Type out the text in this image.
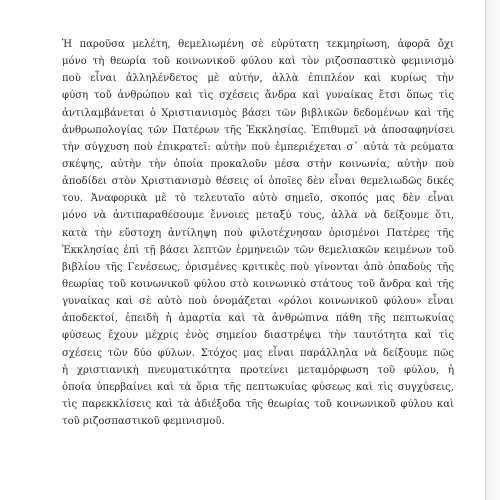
Ἡ παροῦσα μελέτη, θεμελιωμένη σὲ εὐρύτατη τεκμηρίωση, ἀφορᾶ ὄχι
μόνο τὴ θεωρία τοῦ κοινωνικοῦ φύλου καὶ τὸν ριζοσπαστικὸ φεμινισμὸ
ποὺ εἶναι ἀλληλένδετος μὲ αὐτήν, ἀλλὰ ἐπιπλέον καὶ κυρίως τὴν
φύση τοῦ ἀνθρώπου καὶ τὶς σχέσεις ἄνδρα καὶ γυναίκας ἔτσι ὅπως τὶς
ἀντιλαμβάνεται ὁ Χριστιανισμὸς βάσει τῶν βιβλικῶν δεδομένων καὶ τῆς
ἀνθρωπολογίας τῶν Πατέρων τῆς Ἐκκλησίας. Ἐπιθυμεῖ νὰ ἀποσαφηνίσει
τὴν σύγχυση ποὺ ἐπικρατεῖ: αὐτὴν ποὺ ἐμπεριέχεται σ᾽ αὐτὰ τὰ ρεύματα
σκέψης, αὐτὴν τὴν ὁποία προκαλοῦν μέσα στὴν κοινωνία, αὐτὴν ποὺ
ἀποδίδει στὸν Χριστιανισμὸ θέσεις οἱ ὁποῖες δὲν εἶναι θεμελιωδῶς δικές
του. Ἀναφορικὰ μὲ τὸ τελευταῖο αὐτὸ σημεῖο, σκοπός μας δὲν εἶναι
μόνο νὰ ἀντιπαραθέσουμε ἔννοιες μεταξύ τους, ἀλλὰ νὰ δείξουμε ὅτι,
κατὰ τὴν εὔστοχη ἀντίληψη ποὺ φιλοτέχνησαν ὁρισμένοι Πατέρες τῆς
Ἐκκλησίας ἐπὶ τῇ βάσει λεπτῶν ἑρμηνειῶν τῶν θεμελιακῶν κειμένων τοῦ
βιβλίου τῆς Γενέσεως, ὁρισμένες κριτικὲς ποὺ γίνονται ἀπὸ ὀπαδοὺς τῆς
θεωρίας τοῦ κοινωνικοῦ φύλου στὸ κοινωνικὸ στάτους τοῦ ἄνδρα καὶ τῆς
γυναίκας καὶ σὲ αὐτὸ ποὺ ὀνομάζεται «ρόλοι κοινωνικοῦ φύλου» εἶναι
ἀποδεκτοί, ἐπειδὴ ἡ ἁμαρτία καὶ τὰ ἀνθρώπινα πάθη τῆς πεπτωκυίας
φύσεως ἔχουν μέχρις ἑνὸς σημείου διαστρέψει τὴν ταυτότητα καὶ τὶς
σχέσεις τῶν δύο φύλων. Στόχος μας εἶναι παράλληλα νὰ δείξουμε πῶς
ἡ χριστιανικὴ πνευματικότητα προτείνει μεταμόρφωση τοῦ φύλου, ἡ
ὁποία ὑπερβαίνει καὶ τὰ ὅρια τῆς πεπτωκυίας φύσεως καὶ τὶς συγχύσεις,
τὶς παρεκκλίσεις καὶ τὰ ἀδιέξοδα τῆς θεωρίας τοῦ κοινωνικοῦ φύλου καὶ
τοῦ ριζοσπαστικοῦ φεμινισμοῦ.
